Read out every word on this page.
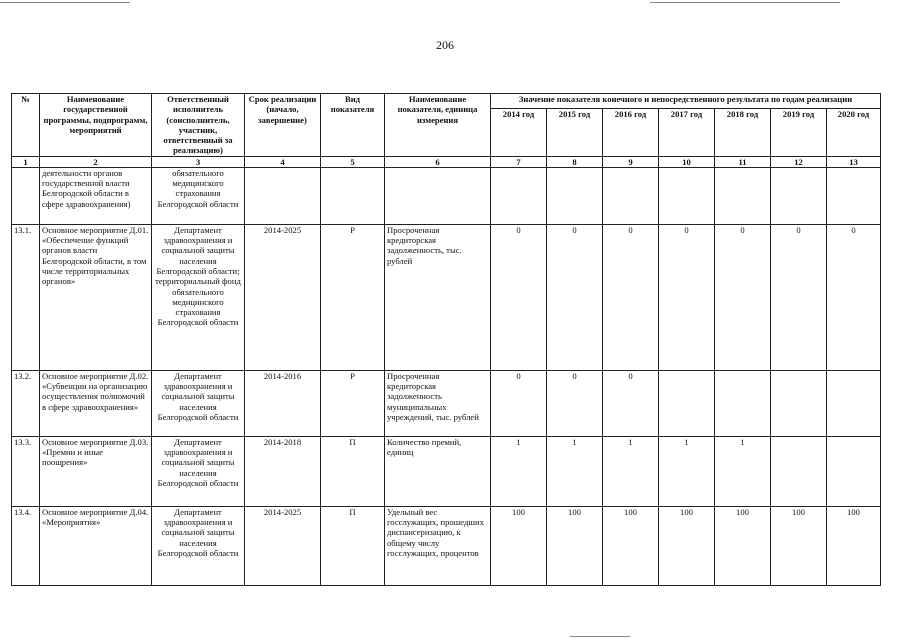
206
№	Наименование государственной программы, подпрограмм, мероприятий	Ответственный исполнитель (соисполнитель, участник, ответственный за реализацию)	Срок реализации (начало, завершение)	Вид показателя	Наименование показателя, единица измерения	Значение показателя конечного и непосредственного результата по годам реализации						
						2014 год	2015 год	2016 год	2017 год	2018 год	2019 год	2020 год
1	2	3	4	5	6	7	8	9	10	11	12	13
	деятельности органов государственной власти Белгородской области в сфере здравоохранения)	обязательного медицинского страхования Белгородской области										
13.1.	Основное мероприятие Д.01. «Обеспечение функций органов власти Белгородской области, в том числе территориальных органов»	Департамент здравоохранения и социальной защиты населения Белгородской области; территориальный фонд обязательного медицинского страхования Белгородской области	2014-2025	Р	Просроченная кредиторская задолженность, тыс. рублей	0	0	0	0	0	0	0
13.2.	Основное мероприятие Д.02. «Субвенции на организацию осуществления полномочий в сфере здравоохранения»	Департамент здравоохранения и социальной защиты населения Белгородской области	2014-2016	Р	Просроченная кредиторская задолженность муниципальных учреждений, тыс. рублей	0	0	0				
13.3.	Основное мероприятие Д.03. «Премии и иные поощрения»	Департамент здравоохранения и социальной защиты населения Белгородской области	2014-2018	П	Количество премий, единиц	1	1	1	1	1		
13.4.	Основное мероприятие Д.04. «Мероприятия»	Департамент здравоохранения и социальной защиты населения Белгородской области	2014-2025	П	Удельный вес госслужащих, прошедших диспансеризацию, к общему числу госслужащих, процентов	100	100	100	100	100	100	100
